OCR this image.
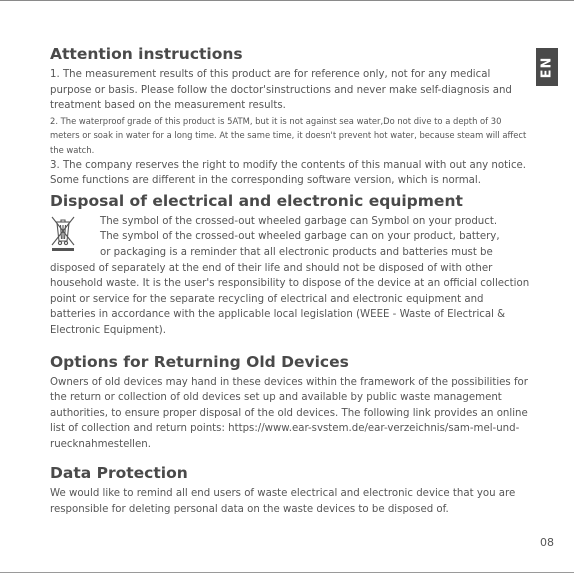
EN
Attention instructions

1. The measurement results of this product are for reference only, not for any medical purpose or basis. Please follow the doctor'sinstructions and never make self-diagnosis and treatment based on the measurement results.

2. The waterproof grade of this product is 5ATM, but it is not against sea water,Do not dive to a depth of 30 meters or soak in water for a long time. At the same time, it doesn't prevent hot water, because steam will affect the watch.

3. The company reserves the right to modify the contents of this manual with out any notice. Some functions are different in the corresponding software version, which is normal.

Disposal of electrical and electronic equipment

The symbol of the crossed-out wheeled garbage can Symbol on your product.

The symbol of the crossed-out wheeled garbage can on your product, battery,

or packaging is a reminder that all electronic products and batteries must be

disposed of separately at the end of their life and should not be disposed of with other household waste. It is the user's responsibility to dispose of the device at an official collection point or service for the separate recycling of electrical and electronic equipment and batteries in accordance with the applicable local legislation (WEEE - Waste of Electrical & Electronic Equipment).

Options for Returning Old Devices

Owners of old devices may hand in these devices within the framework of the possibilities for the return or collection of old devices set up and available by public waste management authorities, to ensure proper disposal of the old devices. The following link provides an online list of collection and return points: https://www.ear-svstem.de/ear-verzeichnis/sam-mel-und-ruecknahmestellen.

Data Protection

We would like to remind all end users of waste electrical and electronic device that you are responsible for deleting personal data on the waste devices to be disposed of.

08
